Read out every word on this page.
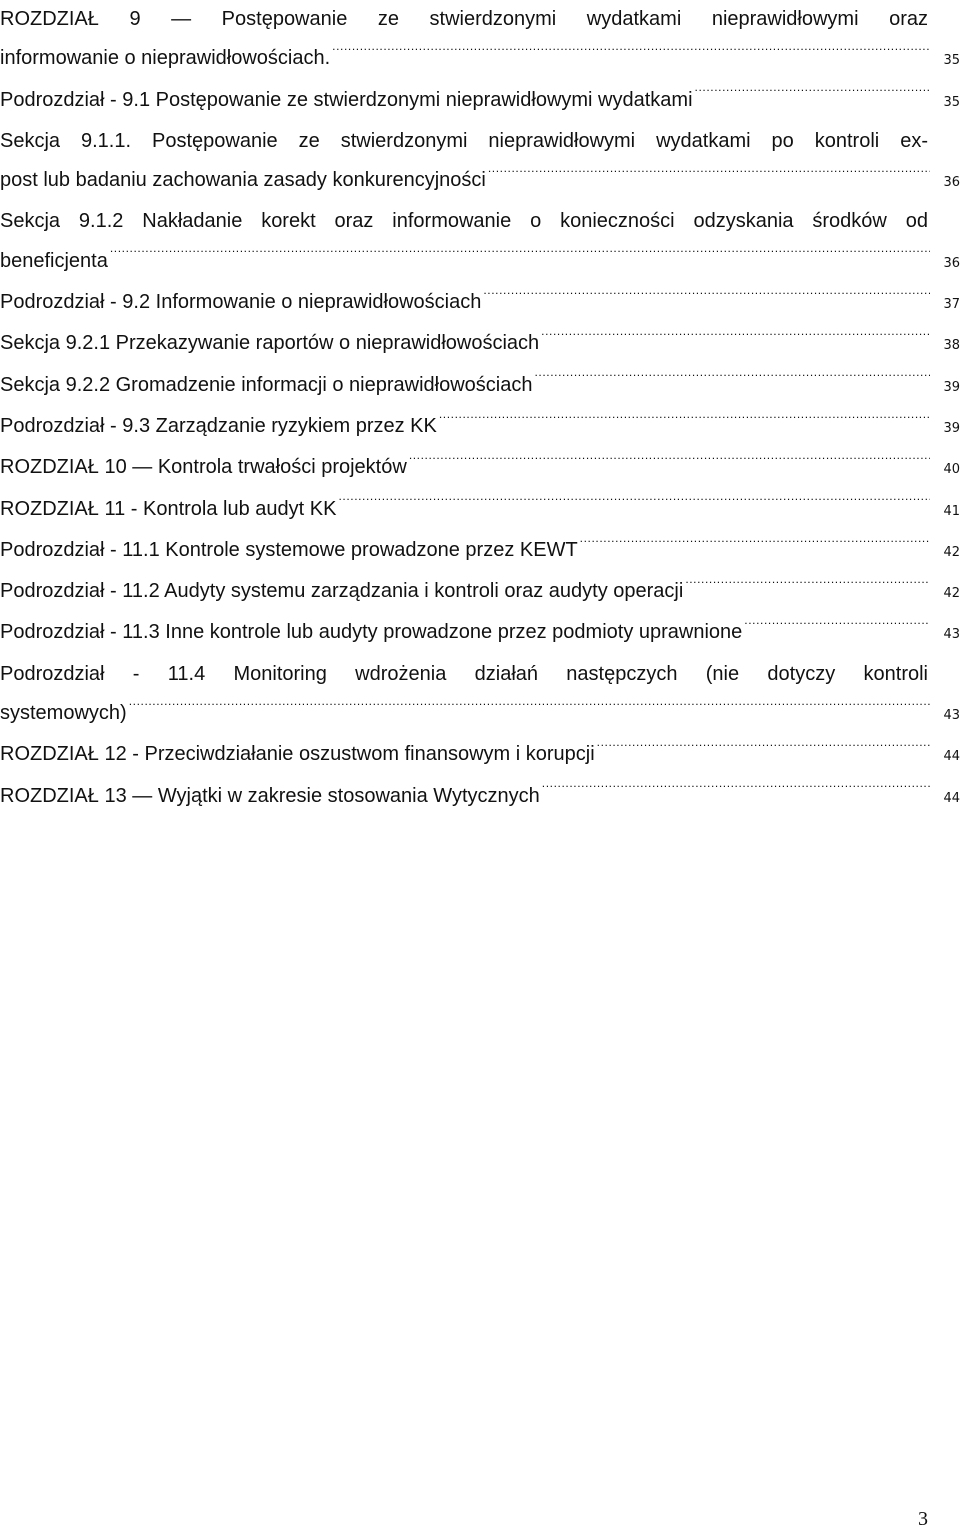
ROZDZIAŁ 9 — Postępowanie ze stwierdzonymi wydatkami nieprawidłowymi oraz
informowanie o nieprawidłowościach. .....	35
Podrozdział - 9.1 Postępowanie ze stwierdzonymi nieprawidłowymi wydatkami .....	35
Sekcja 9.1.1. Postępowanie ze stwierdzonymi nieprawidłowymi wydatkami po kontroli ex-
post lub badaniu zachowania zasady konkurencyjności .....	36
Sekcja 9.1.2 Nakładanie korekt oraz informowanie o konieczności odzyskania środków od
beneficjenta .....	36
Podrozdział - 9.2 Informowanie o nieprawidłowościach .....	37
Sekcja 9.2.1 Przekazywanie raportów o nieprawidłowościach .....	38
Sekcja 9.2.2 Gromadzenie informacji o nieprawidłowościach .....	39
Podrozdział - 9.3 Zarządzanie ryzykiem przez KK .....	39
ROZDZIAŁ 10 — Kontrola trwałości projektów .....	40
ROZDZIAŁ 11 - Kontrola lub audyt KK .....	41
Podrozdział - 11.1 Kontrole systemowe prowadzone przez KEWT .....	42
Podrozdział - 11.2 Audyty systemu zarządzania i kontroli oraz audyty operacji .....	42
Podrozdział - 11.3 Inne kontrole lub audyty prowadzone przez podmioty uprawnione .....	43
Podrozdział - 11.4 Monitoring wdrożenia działań następczych (nie dotyczy kontroli
systemowych) .....	43
ROZDZIAŁ 12 - Przeciwdziałanie oszustwom finansowym i korupcji .....	44
ROZDZIAŁ 13 — Wyjątki w zakresie stosowania Wytycznych .....	44
3
